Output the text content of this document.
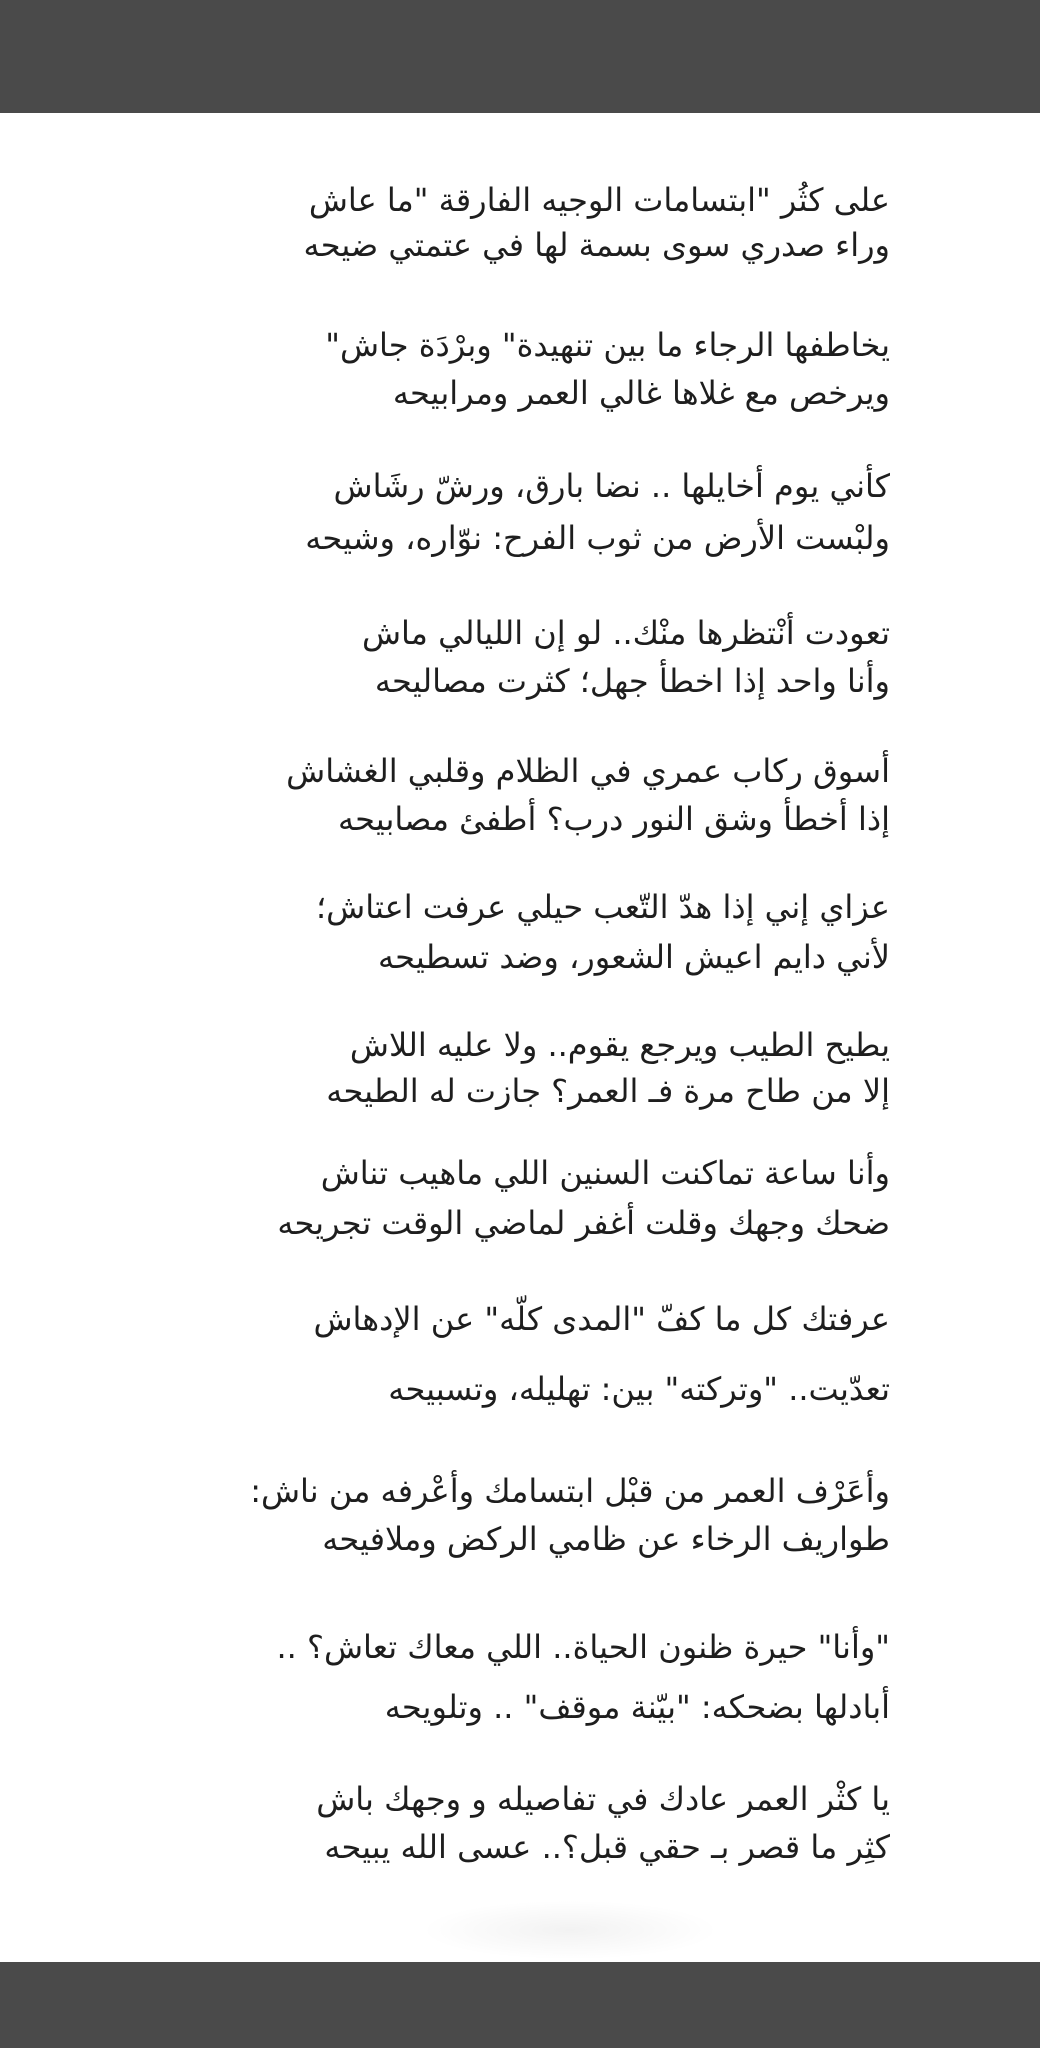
على كثُر "ابتسامات الوجيه الفارقة "ما عاش
وراء صدري سوى بسمة لها في عتمتي ضيحه
يخاطفها الرجاء ما بين تنهيدة" وبرْدَة جاش"
ويرخص مع غلاها غالي العمر ومرابيحه
كأني يوم أخايلها .. نضا بارق، ورشّ رشَاش
ولبْست الأرض من ثوب الفرح: نوّاره، وشيحه
تعودت أنْتظرها منْك.. لو إن الليالي ماش
وأنا واحد إذا اخطأ جهل؛ كثرت مصاليحه
أسوق ركاب عمري في الظلام وقلبي الغشاش
إذا أخطأ وشق النور درب؟ أطفئ مصابيحه
عزاي إني إذا هدّ التّعب حيلي عرفت اعتاش؛
لأني دايم اعيش الشعور، وضد تسطيحه
يطيح الطيب ويرجع يقوم.. ولا عليه اللاش
إلا من طاح مرة فـ العمر؟ جازت له الطيحه
وأنا ساعة تماكنت السنين اللي ماهيب تناش
ضحك وجهك وقلت أغفر لماضي الوقت تجريحه
عرفتك كل ما كفّ "المدى كلّه" عن الإدهاش
تعدّيت.. "وتركته" بين: تهليله، وتسبيحه
وأعَرْف العمر من قبْل ابتسامك وأعْرفه من ناش:
طواريف الرخاء عن ظامي الركض وملافيحه
"وأنا" حيرة ظنون الحياة.. اللي معاك تعاش؟ ..
أبادلها بضحكه: "بيّنة موقف" .. وتلويحه
يا كثْر العمر عادك في تفاصيله و وجهك باش
كثِر ما قصر بـ حقي قبل؟.. عسى الله يبيحه
